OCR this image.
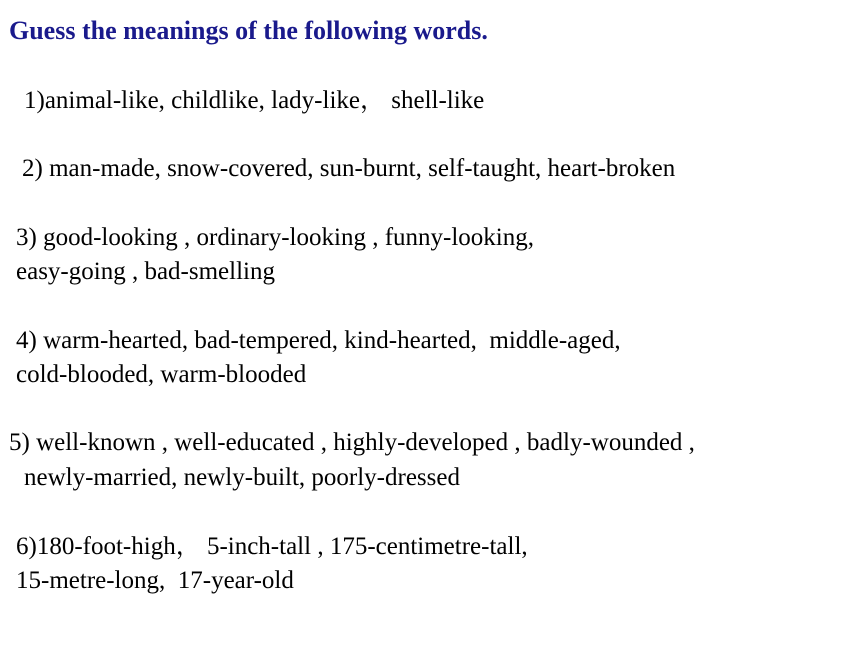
Guess the meanings of the following words.
1)animal-like, childlike, lady-like， shell-like
2) man-made, snow-covered, sun-burnt, self-taught, heart-broken
3) good-looking , ordinary-looking , funny-looking,
easy-going , bad-smelling
4) warm-hearted, bad-tempered, kind-hearted,  middle-aged,
cold-blooded, warm-blooded
5) well-known , well-educated , highly-developed , badly-wounded ,
newly-married, newly-built, poorly-dressed
6)180-foot-high， 5-inch-tall , 175-centimetre-tall,
15-metre-long,  17-year-old
